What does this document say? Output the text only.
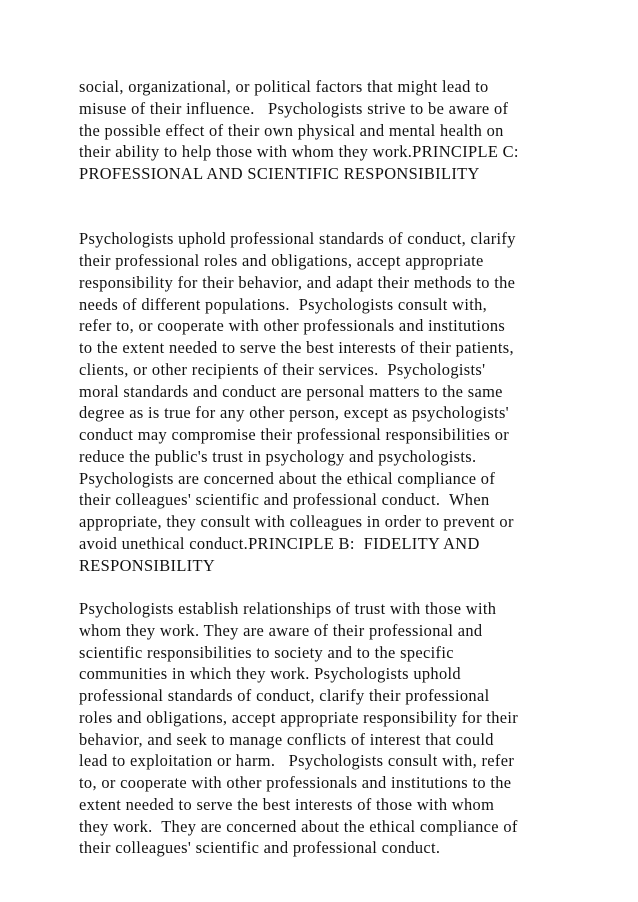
social, organizational, or political factors that might lead to
misuse of their influence.   Psychologists strive to be aware of
the possible effect of their own physical and mental health on
their ability to help those with whom they work.PRINCIPLE C:
PROFESSIONAL AND SCIENTIFIC RESPONSIBILITY
Psychologists uphold professional standards of conduct, clarify
their professional roles and obligations, accept appropriate
responsibility for their behavior, and adapt their methods to the
needs of different populations.  Psychologists consult with,
refer to, or cooperate with other professionals and institutions
to the extent needed to serve the best interests of their patients,
clients, or other recipients of their services.  Psychologists'
moral standards and conduct are personal matters to the same
degree as is true for any other person, except as psychologists'
conduct may compromise their professional responsibilities or
reduce the public's trust in psychology and psychologists.
Psychologists are concerned about the ethical compliance of
their colleagues' scientific and professional conduct.  When
appropriate, they consult with colleagues in order to prevent or
avoid unethical conduct.PRINCIPLE B:  FIDELITY AND
RESPONSIBILITY
Psychologists establish relationships of trust with those with
whom they work. They are aware of their professional and
scientific responsibilities to society and to the specific
communities in which they work. Psychologists uphold
professional standards of conduct, clarify their professional
roles and obligations, accept appropriate responsibility for their
behavior, and seek to manage conflicts of interest that could
lead to exploitation or harm.   Psychologists consult with, refer
to, or cooperate with other professionals and institutions to the
extent needed to serve the best interests of those with whom
they work.  They are concerned about the ethical compliance of
their colleagues' scientific and professional conduct.
